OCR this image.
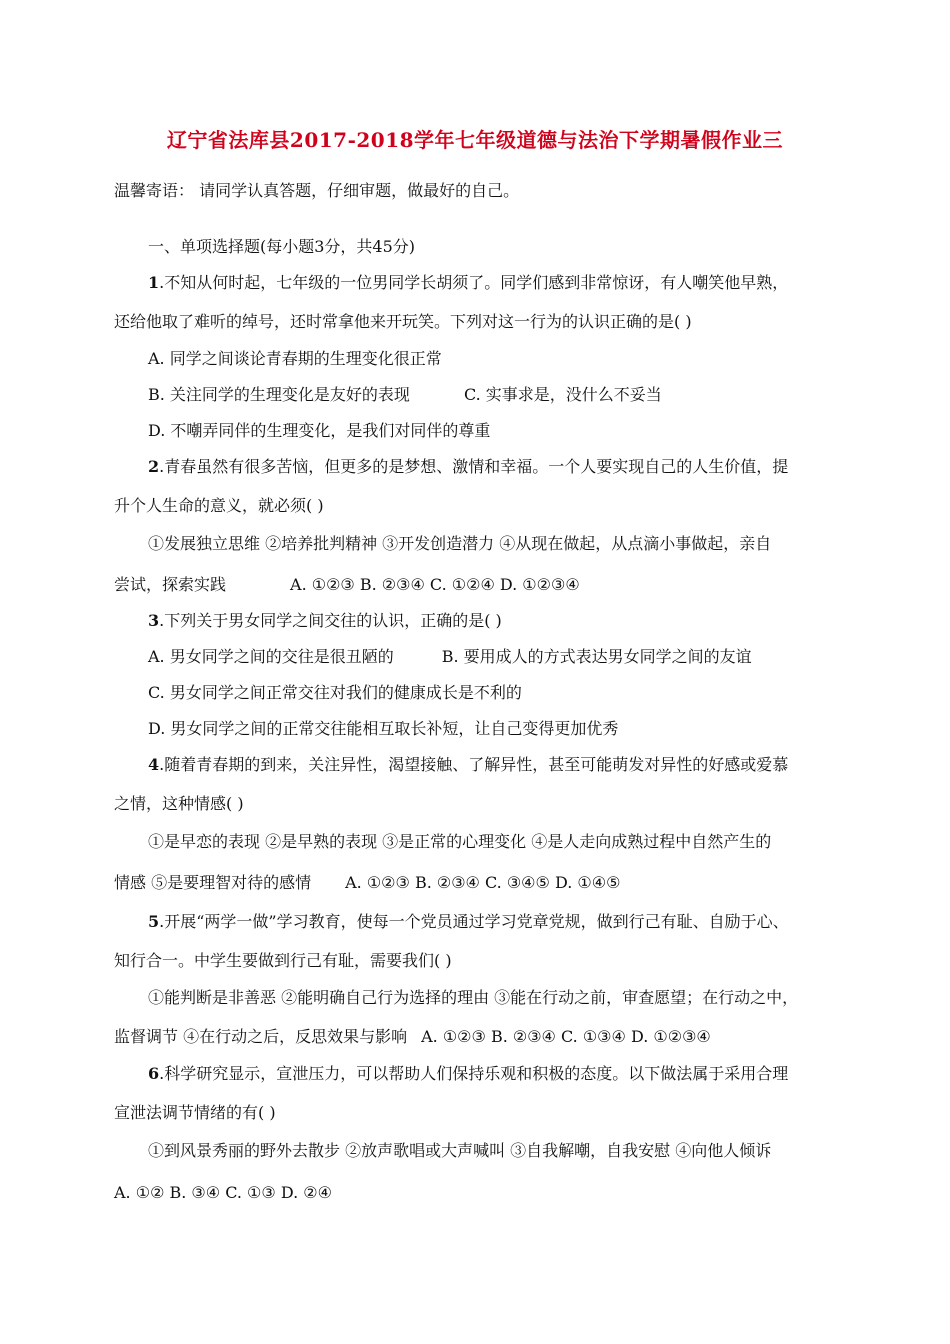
辽宁省法库县2017-2018学年七年级道德与法治下学期暑假作业三
温馨寄语： 请同学认真答题，仔细审题，做最好的自己。
一、单项选择题(每小题3分，共45分)
1.不知从何时起，七年级的一位男同学长胡须了。同学们感到非常惊讶，有人嘲笑他早熟，
还给他取了难听的绰号，还时常拿他来开玩笑。下列对这一行为的认识正确的是( )
A. 同学之间谈论青春期的生理变化很正常
B. 关注同学的生理变化是友好的表现	C. 实事求是，没什么不妥当
D. 不嘲弄同伴的生理变化，是我们对同伴的尊重
2.青春虽然有很多苦恼，但更多的是梦想、激情和幸福。一个人要实现自己的人生价值，提
升个人生命的意义，就必须( )
①发展独立思维 ②培养批判精神 ③开发创造潜力 ④从现在做起，从点滴小事做起，亲自
尝试，探索实践	A. ①②③ B. ②③④ C. ①②④ D. ①②③④
3.下列关于男女同学之间交往的认识，正确的是( )
A. 男女同学之间的交往是很丑陋的	B. 要用成人的方式表达男女同学之间的友谊
C. 男女同学之间正常交往对我们的健康成长是不利的
D. 男女同学之间的正常交往能相互取长补短，让自己变得更加优秀
4.随着青春期的到来，关注异性，渴望接触、了解异性，甚至可能萌发对异性的好感或爱慕
之情，这种情感( )
①是早恋的表现 ②是早熟的表现 ③是正常的心理变化 ④是人走向成熟过程中自然产生的
情感 ⑤是要理智对待的感情 A. ①②③ B. ②③④ C. ③④⑤ D. ①④⑤
5.开展“两学一做”学习教育，使每一个党员通过学习党章党规，做到行己有耻、自励于心、
知行合一。中学生要做到行己有耻，需要我们( )
①能判断是非善恶 ②能明确自己行为选择的理由 ③能在行动之前，审查愿望；在行动之中，
监督调节 ④在行动之后，反思效果与影响 A. ①②③ B. ②③④ C. ①③④ D. ①②③④
6.科学研究显示，宣泄压力，可以帮助人们保持乐观和积极的态度。以下做法属于采用合理
宣泄法调节情绪的有( )
①到风景秀丽的野外去散步 ②放声歌唱或大声喊叫 ③自我解嘲，自我安慰 ④向他人倾诉
A. ①② B. ③④ C. ①③ D. ②④
